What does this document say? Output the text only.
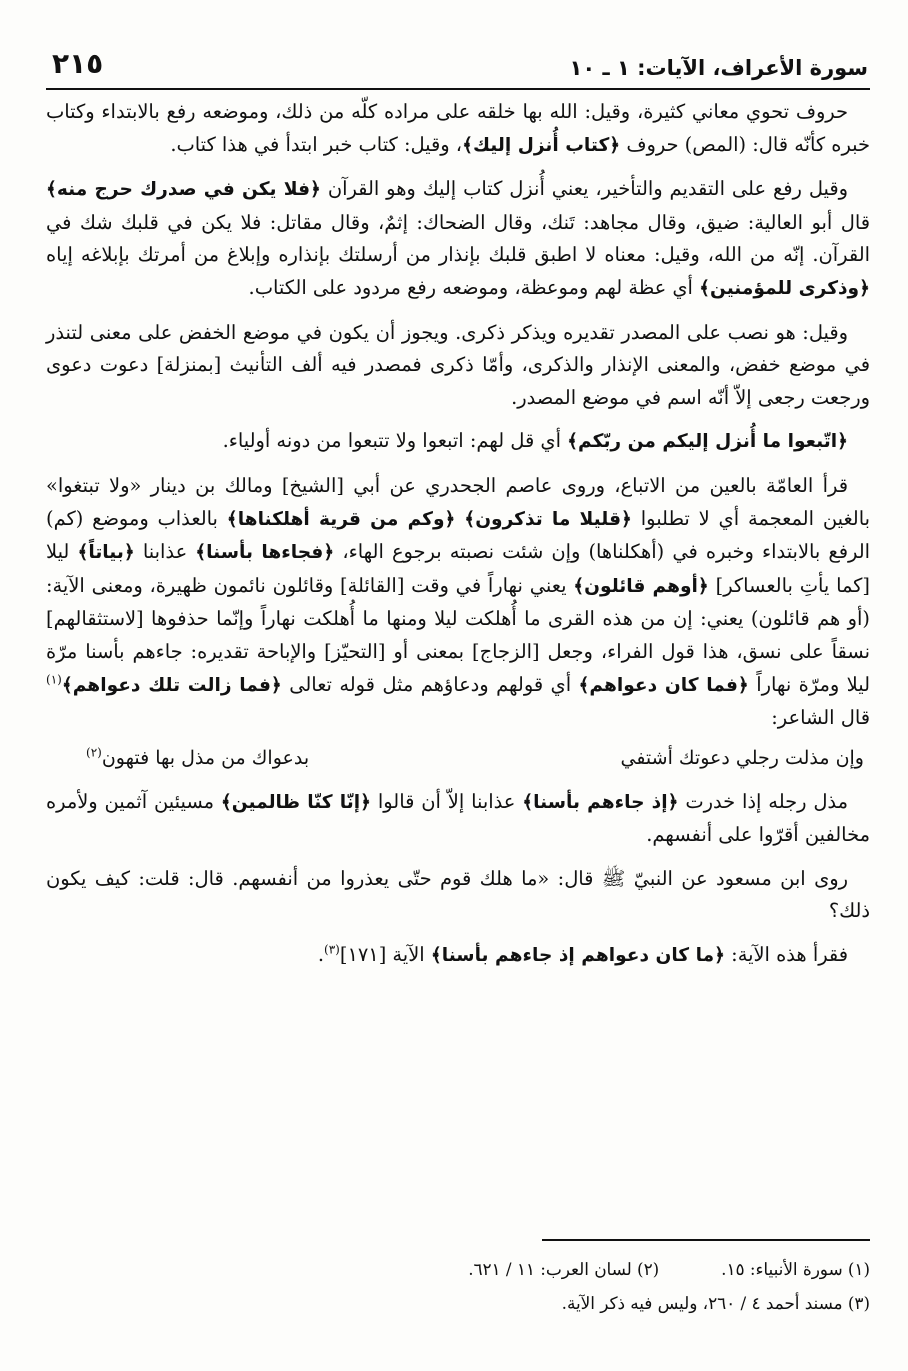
٢١٥	سورة الأعراف، الآيات: ١ ـ ١٠

حروف تحوي معاني كثيرة، وقيل: الله بها خلقه على مراده كلّه من ذلك، وموضعه رفع بالابتداء وكتاب خبره كأنّه قال: (المص) حروف ﴿كتاب أُنزل إليك﴾، وقيل: كتاب خبر ابتدأ في هذا كتاب.

وقيل رفع على التقديم والتأخير، يعني أُنزل كتاب إليك وهو القرآن ﴿فلا يكن في صدرك حرج منه﴾ قال أبو العالية: ضيق، وقال مجاهد: تَنك، وقال الضحاك: إثمٌ، وقال مقاتل: فلا يكن في قلبك شك في القرآن. إنّه من الله، وقيل: معناه لا اطبق قلبك بإنذار من أرسلتك بإنذاره وإبلاغ من أمرتك بإبلاغه إياه ﴿وذكرى للمؤمنين﴾ أي عظة لهم وموعظة، وموضعه رفع مردود على الكتاب.

وقيل: هو نصب على المصدر تقديره ويذكر ذكرى. ويجوز أن يكون في موضع الخفض على معنى لتنذر في موضع خفض، والمعنى الإنذار والذكرى، وأمّا ذكرى فمصدر فيه ألف التأنيث [بمنزلة] دعوت دعوى ورجعت رجعى إلاّ أنّه اسم في موضع المصدر.

﴿اتّبعوا ما أُنزل إليكم من ربّكم﴾ أي قل لهم: اتبعوا ولا تتبعوا من دونه أولياء.

قرأ العامّة بالعين من الاتباع، وروى عاصم الجحدري عن أبي [الشيخ] ومالك بن دينار «ولا تبتغوا» بالغين المعجمة أي لا تطلبوا ﴿قليلا ما تذكرون﴾ ﴿وكم من قرية أهلكناها﴾ بالعذاب وموضع (كم) الرفع بالابتداء وخبره في (أهكلناها) وإن شئت نصبته برجوع الهاء، ﴿فجاءها بأسنا﴾ عذابنا ﴿بياتاً﴾ ليلا [كما يأتِ بالعساكر] ﴿أوهم قائلون﴾ يعني نهاراً في وقت [القائلة] وقائلون نائمون ظهيرة، ومعنى الآية: (أو هم قائلون) يعني: إن من هذه القرى ما أُهلكت ليلا ومنها ما أُهلكت نهاراً وإنّما حذفوها [لاستثقالهم] نسقاً على نسق، هذا قول الفراء، وجعل [الزجاج] بمعنى أو [التحيّز] والإباحة تقديره: جاءهم بأسنا مرّة ليلا ومرّة نهاراً ﴿فما كان دعواهم﴾ أي قولهم ودعاؤهم مثل قوله تعالى ﴿فما زالت تلك دعواهم﴾$^{(١)}$ قال الشاعر:

وإن مذلت رجلي دعوتك أشتفي
بدعواك من مذل بها فتهون$^{(٢)}$

مذل رجله إذا خدرت ﴿إذ جاءهم بأسنا﴾ عذابنا إلاّ أن قالوا ﴿إنّا كنّا ظالمين﴾ مسيئين آثمين ولأمره مخالفين أقرّوا على أنفسهم.

روى ابن مسعود عن النبيّ ﷺ قال: «ما هلك قوم حتّى يعذروا من أنفسهم. قال: قلت: كيف يكون ذلك؟

فقرأ هذه الآية: ﴿ما كان دعواهم إذ جاءهم بأسنا﴾ الآية [١٧١]$^{(٣)}$.

(١) سورة الأنبياء: ١٥.
(٢) لسان العرب: ١١ / ٦٢١.
(٣) مسند أحمد ٤ / ٢٦٠، وليس فيه ذكر الآية.
